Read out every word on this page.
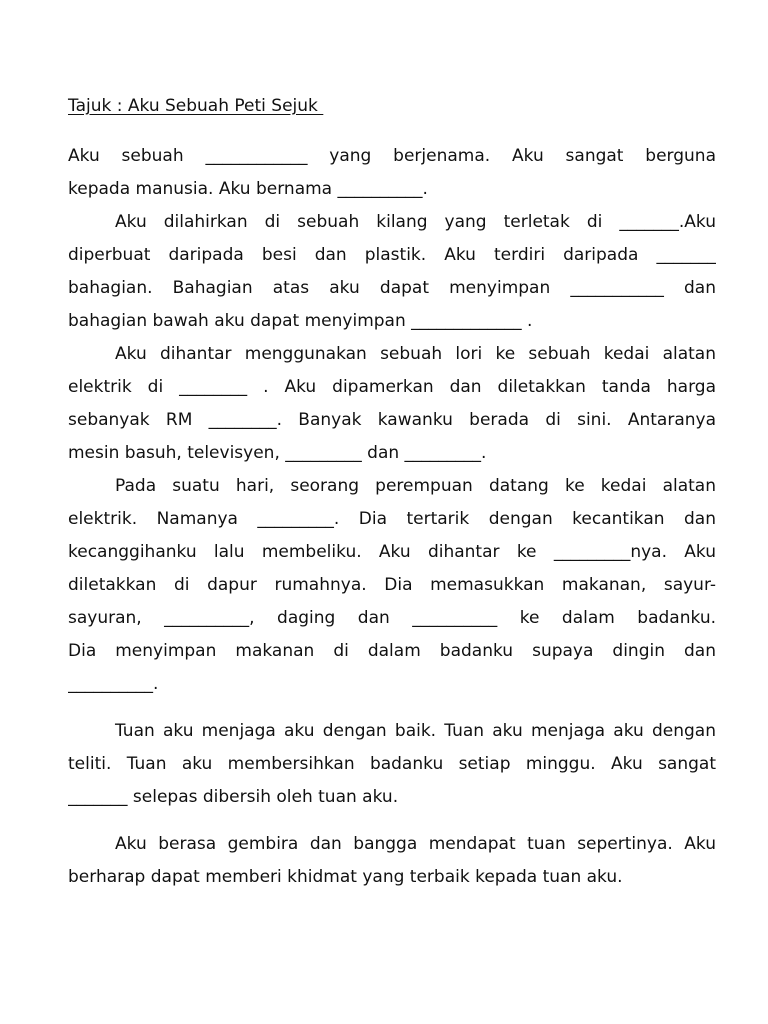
Tajuk : Aku Sebuah Peti Sejuk
Aku sebuah ____________ yang berjenama. Aku sangat berguna
kepada manusia. Aku bernama __________.
Aku dilahirkan di sebuah kilang yang terletak di _______.Aku
diperbuat daripada besi dan plastik. Aku terdiri daripada _______
bahagian. Bahagian atas aku dapat menyimpan ___________ dan
bahagian bawah aku dapat menyimpan _____________ .
Aku dihantar menggunakan sebuah lori ke sebuah kedai alatan
elektrik di ________ . Aku dipamerkan dan diletakkan tanda harga
sebanyak RM ________. Banyak kawanku berada di sini. Antaranya
mesin basuh, televisyen, _________ dan _________.
Pada suatu hari, seorang perempuan datang ke kedai alatan
elektrik. Namanya _________. Dia tertarik dengan kecantikan dan
kecanggihanku lalu membeliku. Aku dihantar ke _________nya. Aku
diletakkan di dapur rumahnya. Dia memasukkan makanan, sayur-
sayuran, __________, daging dan __________ ke dalam badanku.
Dia menyimpan makanan di dalam badanku supaya dingin dan
__________.
Tuan aku menjaga aku dengan baik. Tuan aku menjaga aku dengan
teliti. Tuan aku membersihkan badanku setiap minggu. Aku sangat
_______ selepas dibersih oleh tuan aku.
Aku berasa gembira dan bangga mendapat tuan sepertinya. Aku
berharap dapat memberi khidmat yang terbaik kepada tuan aku.
